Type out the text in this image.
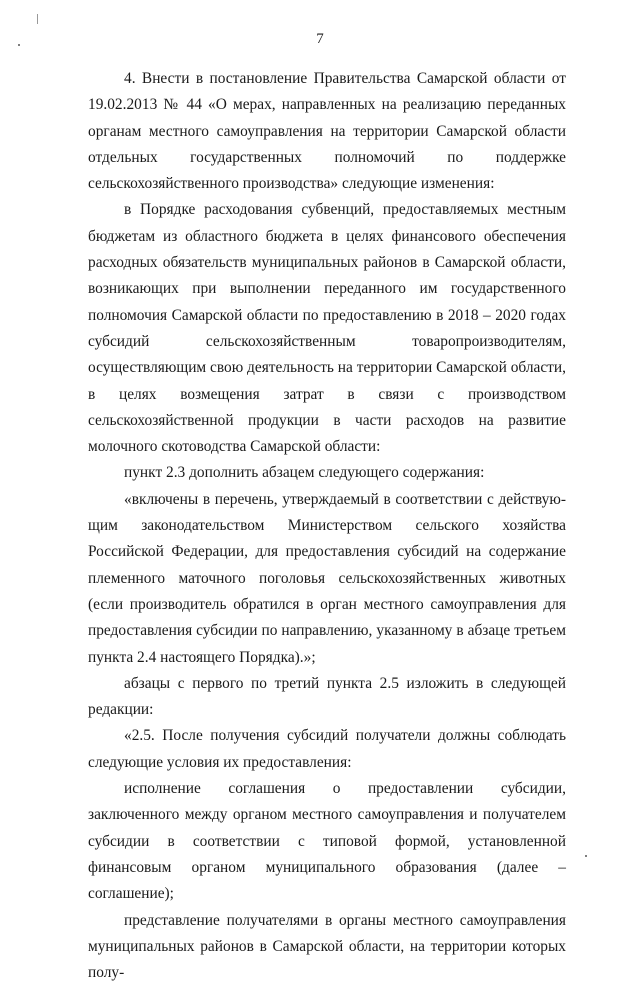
7

4. Внести в постановление Правительства Самарской области от 19.02.2013 № 44 «О мерах, направленных на реализацию переданных органам местного самоуправления на территории Самарской области отдельных государственных полномочий по поддержке сельскохозяйственного производства» следующие изменения:

в Порядке расходования субвенций, предоставляемых местным бюджетам из областного бюджета в целях финансового обеспечения расходных обязательств муниципальных районов в Самарской области, возникающих при выполнении переданного им государственного полномочия Самарской области по предоставлению в 2018 – 2020 годах субсидий сельскохозяйственным товаропроизводителям, осуществляющим свою деятельность на территории Самарской области, в целях возмещения затрат в связи с производством сельскохозяйственной продукции в части расходов на развитие молочного скотоводства Самарской области:

пункт 2.3 дополнить абзацем следующего содержания:

«включены в перечень, утверждаемый в соответствии с действующим законодательством Министерством сельского хозяйства Российской Федерации, для предоставления субсидий на содержание племенного маточного поголовья сельскохозяйственных животных (если производитель обратился в орган местного самоуправления для предоставления субсидии по направлению, указанному в абзаце третьем пункта 2.4 настоящего Порядка).»;

абзацы с первого по третий пункта 2.5 изложить в следующей редакции:

«2.5. После получения субсидий получатели должны соблюдать следующие условия их предоставления:

исполнение соглашения о предоставлении субсидии, заключенного между органом местного самоуправления и получателем субсидии в соответствии с типовой формой, установленной финансовым органом муниципального образования (далее – соглашение);

представление получателями в органы местного самоуправления муниципальных районов в Самарской области, на территории которых полу-
